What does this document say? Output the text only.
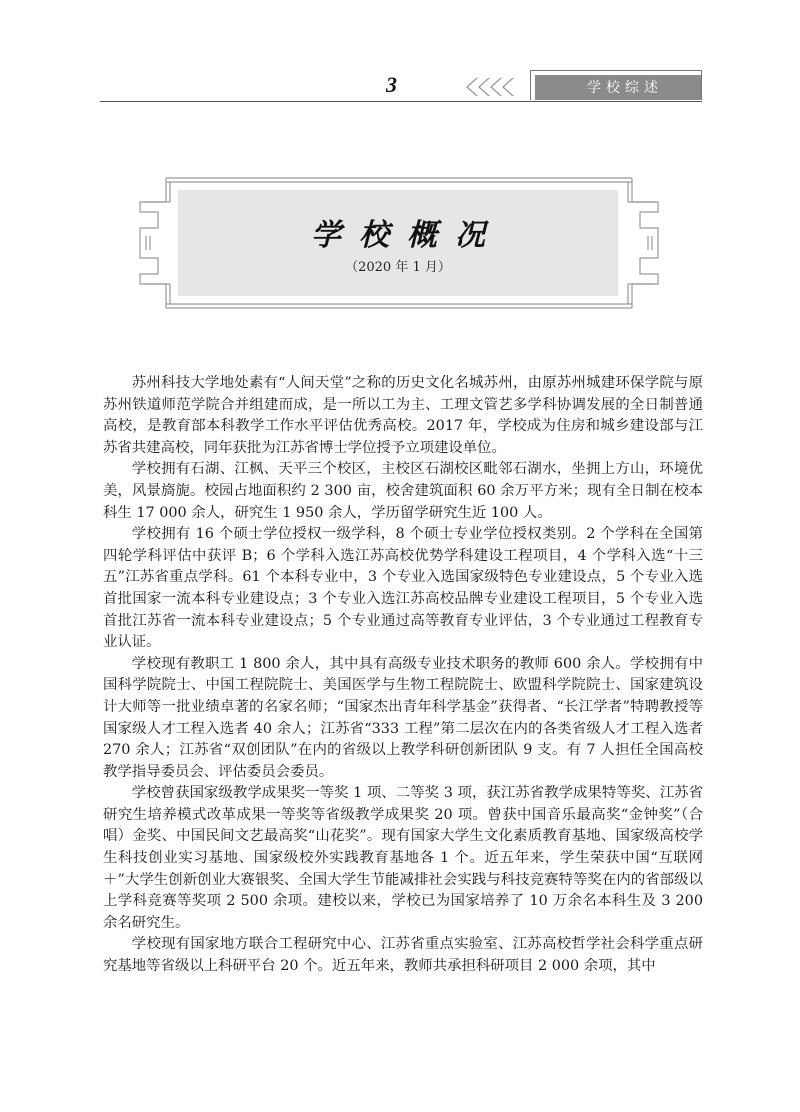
3	学校综述
学校概况
（2020 年 1 月）

苏州科技大学地处素有“人间天堂”之称的历史文化名城苏州，由原苏州城建环保学院与原苏州铁道师范学院合并组建而成，是一所以工为主、工理文管艺多学科协调发展的全日制普通高校，是教育部本科教学工作水平评估优秀高校。2017 年，学校成为住房和城乡建设部与江苏省共建高校，同年获批为江苏省博士学位授予立项建设单位。

学校拥有石湖、江枫、天平三个校区，主校区石湖校区毗邻石湖水，坐拥上方山，环境优美，风景旖旎。校园占地面积约 2 300 亩，校舍建筑面积 60 余万平方米；现有全日制在校本科生 17 000 余人，研究生 1 950 余人，学历留学研究生近 100 人。

学校拥有 16 个硕士学位授权一级学科，8 个硕士专业学位授权类别。2 个学科在全国第四轮学科评估中获评 B；6 个学科入选江苏高校优势学科建设工程项目，4 个学科入选“十三五”江苏省重点学科。61 个本科专业中，3 个专业入选国家级特色专业建设点，5 个专业入选首批国家一流本科专业建设点；3 个专业入选江苏高校品牌专业建设工程项目，5 个专业入选首批江苏省一流本科专业建设点；5 个专业通过高等教育专业评估，3 个专业通过工程教育专业认证。

学校现有教职工 1 800 余人，其中具有高级专业技术职务的教师 600 余人。学校拥有中国科学院院士、中国工程院院士、美国医学与生物工程院院士、欧盟科学院院士、国家建筑设计大师等一批业绩卓著的名家名师；“国家杰出青年科学基金”获得者、“长江学者”特聘教授等国家级人才工程入选者 40 余人；江苏省“333 工程”第二层次在内的各类省级人才工程入选者 270 余人；江苏省“双创团队”在内的省级以上教学科研创新团队 9 支。有 7 人担任全国高校教学指导委员会、评估委员会委员。

学校曾获国家级教学成果奖一等奖 1 项、二等奖 3 项，获江苏省教学成果特等奖、江苏省研究生培养模式改革成果一等奖等省级教学成果奖 20 项。曾获中国音乐最高奖“金钟奖”（合唱）金奖、中国民间文艺最高奖“山花奖”。现有国家大学生文化素质教育基地、国家级高校学生科技创业实习基地、国家级校外实践教育基地各 1 个。近五年来，学生荣获中国“互联网＋”大学生创新创业大赛银奖、全国大学生节能减排社会实践与科技竞赛特等奖在内的省部级以上学科竞赛等奖项 2 500 余项。建校以来，学校已为国家培养了 10 万余名本科生及 3 200 余名研究生。

学校现有国家地方联合工程研究中心、江苏省重点实验室、江苏高校哲学社会科学重点研究基地等省级以上科研平台 20 个。近五年来，教师共承担科研项目 2 000 余项，其中
